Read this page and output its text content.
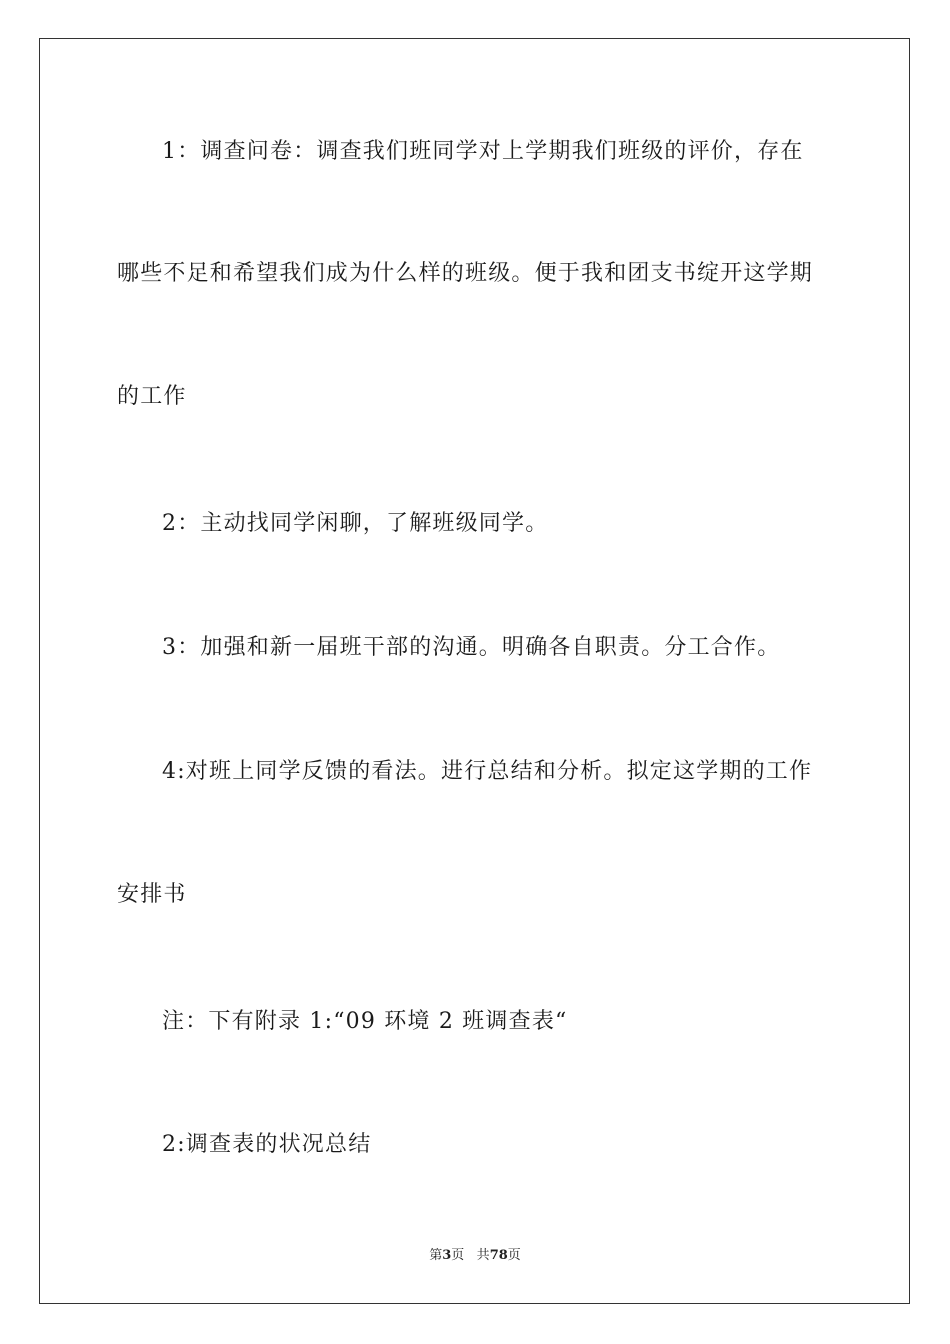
1：调查问卷：调查我们班同学对上学期我们班级的评价，存在
哪些不足和希望我们成为什么样的班级。便于我和团支书绽开这学期
的工作
2：主动找同学闲聊，了解班级同学。
3：加强和新一届班干部的沟通。明确各自职责。分工合作。
4:对班上同学反馈的看法。进行总结和分析。拟定这学期的工作
安排书
注：下有附录 1:“09 环境 2 班调查表“
2:调查表的状况总结
第3页 共78页
